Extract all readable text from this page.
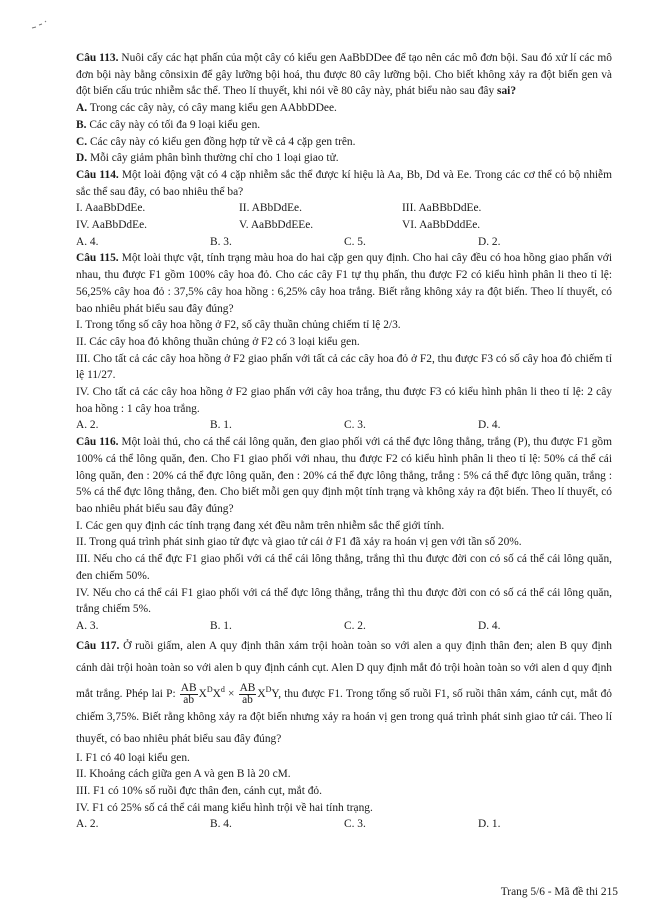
Câu 113. Nuôi cấy các hạt phấn của một cây có kiểu gen AaBbDDee để tạo nên các mô đơn bội. Sau đó xử lí các mô đơn bội này bằng cônsixin để gây lưỡng bội hoá, thu được 80 cây lưỡng bội. Cho biết không xảy ra đột biến gen và đột biến cấu trúc nhiễm sắc thể. Theo lí thuyết, khi nói về 80 cây này, phát biểu nào sau đây sai?

A. Trong các cây này, có cây mang kiểu gen AAbbDDee.

B. Các cây này có tối đa 9 loại kiểu gen.

C. Các cây này có kiểu gen đồng hợp tử về cả 4 cặp gen trên.

D. Mỗi cây giảm phân bình thường chỉ cho 1 loại giao tử.

Câu 114. Một loài động vật có 4 cặp nhiễm sắc thể được kí hiệu là Aa, Bb, Dd và Ee. Trong các cơ thể có bộ nhiễm sắc thể sau đây, có bao nhiêu thể ba?

I. AaaBbDdEe.	II. ABbDdEe.	III. AaBBbDdEe.
IV. AaBbDdEe.	V. AaBbDdEEe.	VI. AaBbDddEe.
A. 4.	B. 3.	C. 5.	D. 2.

Câu 115. Một loài thực vật, tính trạng màu hoa do hai cặp gen quy định. Cho hai cây đều có hoa hồng giao phấn với nhau, thu được F1 gồm 100% cây hoa đỏ. Cho các cây F1 tự thụ phấn, thu được F2 có kiểu hình phân li theo tỉ lệ: 56,25% cây hoa đỏ : 37,5% cây hoa hồng : 6,25% cây hoa trắng. Biết rằng không xảy ra đột biến. Theo lí thuyết, có bao nhiêu phát biểu sau đây đúng?

I. Trong tổng số cây hoa hồng ở F2, số cây thuần chủng chiếm tỉ lệ 2/3.

II. Các cây hoa đỏ không thuần chủng ở F2 có 3 loại kiểu gen.

III. Cho tất cả các cây hoa hồng ở F2 giao phấn với tất cả các cây hoa đỏ ở F2, thu được F3 có số cây hoa đỏ chiếm tỉ lệ 11/27.

IV. Cho tất cả các cây hoa hồng ở F2 giao phấn với cây hoa trắng, thu được F3 có kiểu hình phân li theo tỉ lệ: 2 cây hoa hồng : 1 cây hoa trắng.

A. 2.	B. 1.	C. 3.	D. 4.

Câu 116. Một loài thú, cho cá thể cái lông quăn, đen giao phối với cá thể đực lông thẳng, trắng (P), thu được F1 gồm 100% cá thể lông quăn, đen. Cho F1 giao phối với nhau, thu được F2 có kiểu hình phân li theo tỉ lệ: 50% cá thể cái lông quăn, đen : 20% cá thể đực lông quăn, đen : 20% cá thể đực lông thẳng, trắng : 5% cá thể đực lông quăn, trắng : 5% cá thể đực lông thẳng, đen. Cho biết mỗi gen quy định một tính trạng và không xảy ra đột biến. Theo lí thuyết, có bao nhiêu phát biểu sau đây đúng?

I. Các gen quy định các tính trạng đang xét đều nằm trên nhiễm sắc thể giới tính.

II. Trong quá trình phát sinh giao tử đực và giao tử cái ở F1 đã xảy ra hoán vị gen với tần số 20%.

III. Nếu cho cá thể đực F1 giao phối với cá thể cái lông thẳng, trắng thì thu được đời con có số cá thể cái lông quăn, đen chiếm 50%.

IV. Nếu cho cá thể cái F1 giao phối với cá thể đực lông thẳng, trắng thì thu được đời con có số cá thể cái lông quăn, trắng chiếm 5%.

A. 3.	B. 1.	C. 2.	D. 4.

Câu 117. Ở ruồi giấm, alen A quy định thân xám trội hoàn toàn so với alen a quy định thân đen; alen B quy định cánh dài trội hoàn toàn so với alen b quy định cánh cụt. Alen D quy định mắt đỏ trội hoàn toàn so với alen d quy định mắt trắng. Phép lai P: $\frac{AB}{ab} X^DX^d \times \frac{AB}{ab} X^DY$, thu được F1. Trong tổng số ruồi F1, số ruồi thân xám, cánh cụt, mắt đỏ chiếm 3,75%. Biết rằng không xảy ra đột biến nhưng xảy ra hoán vị gen trong quá trình phát sinh giao tử cái. Theo lí thuyết, có bao nhiêu phát biểu sau đây đúng?

I. F1 có 40 loại kiểu gen.

II. Khoảng cách giữa gen A và gen B là 20 cM.

III. F1 có 10% số ruồi đực thân đen, cánh cụt, mắt đỏ.

IV. F1 có 25% số cá thể cái mang kiểu hình trội về hai tính trạng.

A. 2.	B. 4.	C. 3.	D. 1.
Trang 5/6 - Mã đề thi 215
